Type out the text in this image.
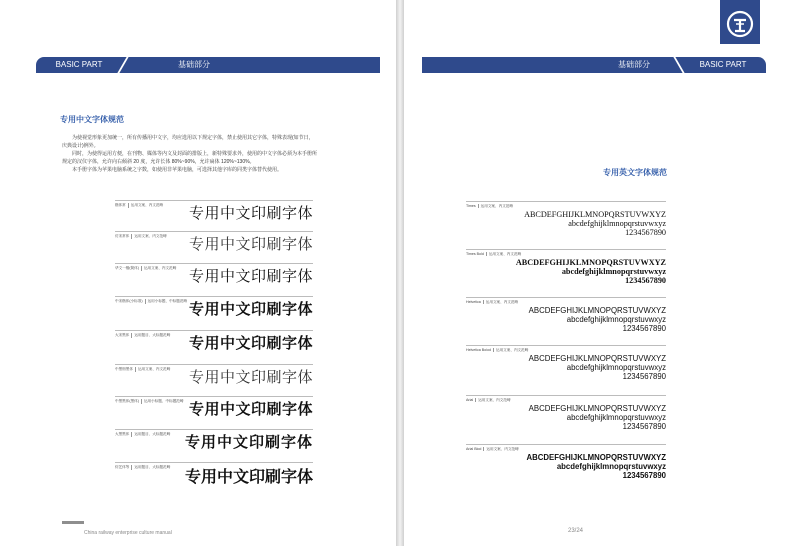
BASIC PART	基础部分
专用中文字体规范

为使视觉形象更加统一，所有传播用中文字，均应选用以下规定字体，禁止使用其它字体，特殊表现(如节日，庆典设计)例外。

同时，为使得运用方便，在刊物、媒体等内文及封面的排版上，新特殊要求外，使用的中文字体必须为本手册所规定的汉仪字体，允许向右倾斜 20 度，允许长体 80%~90%，允许扁体 120%~130%。

本手册字体为苹果电脑系统之字数，如使用非苹果电脑，可选择其他字库的同类字体替代使用。

楷体常 运用文案、内文范畴 专用中文印刷字体
仿宋常体 运用文案、内文范畴 专用中文印刷字体
华文一楷(简体) 运用文案、内文范畴 专用中文印刷字体
中宋楷体(小标准) 运用小标题、中标题范畴 专用中文印刷字体
大宋黑体 运用题目、大标题范畴 专用中文印刷字体
中黑细黑体 运用文案、内文范畴 专用中文印刷字体
中黑黑体(黑体) 运用小标题、中标题范畴 专用中文印刷字体
大黑黑体 运用题目、大标题范畴 专用中文印刷字体
综艺体等 运用题目、大标题范畴
专用中文印刷字体
China railway enterprise culture manual
基础部分	BASIC PART
专用英文字体规范
Times 运用文案、内文范畴
ABCDEFGHIJKLMNOPQRSTUVWXYZ
abcdefghijklmnopqrstuvwxyz
1234567890
Times Bold 运用文案、内文范畴
ABCDEFGHIJKLMNOPQRSTUVWXYZ
abcdefghijklmnopqrstuvwxyz
1234567890
Helvetica 运用文案、内文范畴
ABCDEFGHIJKLMNOPQRSTUVWXYZ
abcdefghijklmnopqrstuvwxyz
1234567890
Helvetica Boiod 运用文案、内文范畴
ABCDEFGHIJKLMNOPQRSTUVWXYZ
abcdefghijklmnopqrstuvwxyz
1234567890
Arial 运用文案、内文范畴
ABCDEFGHIJKLMNOPQRSTUVWXYZ
abcdefghijklmnopqrstuvwxyz
1234567890
Arial Blod 运用文案、内文范畴
ABCDEFGHIJKLMNOPQRSTUVWXYZ
abcdefghijklmnopqrstuvwxyz
1234567890
23/24
